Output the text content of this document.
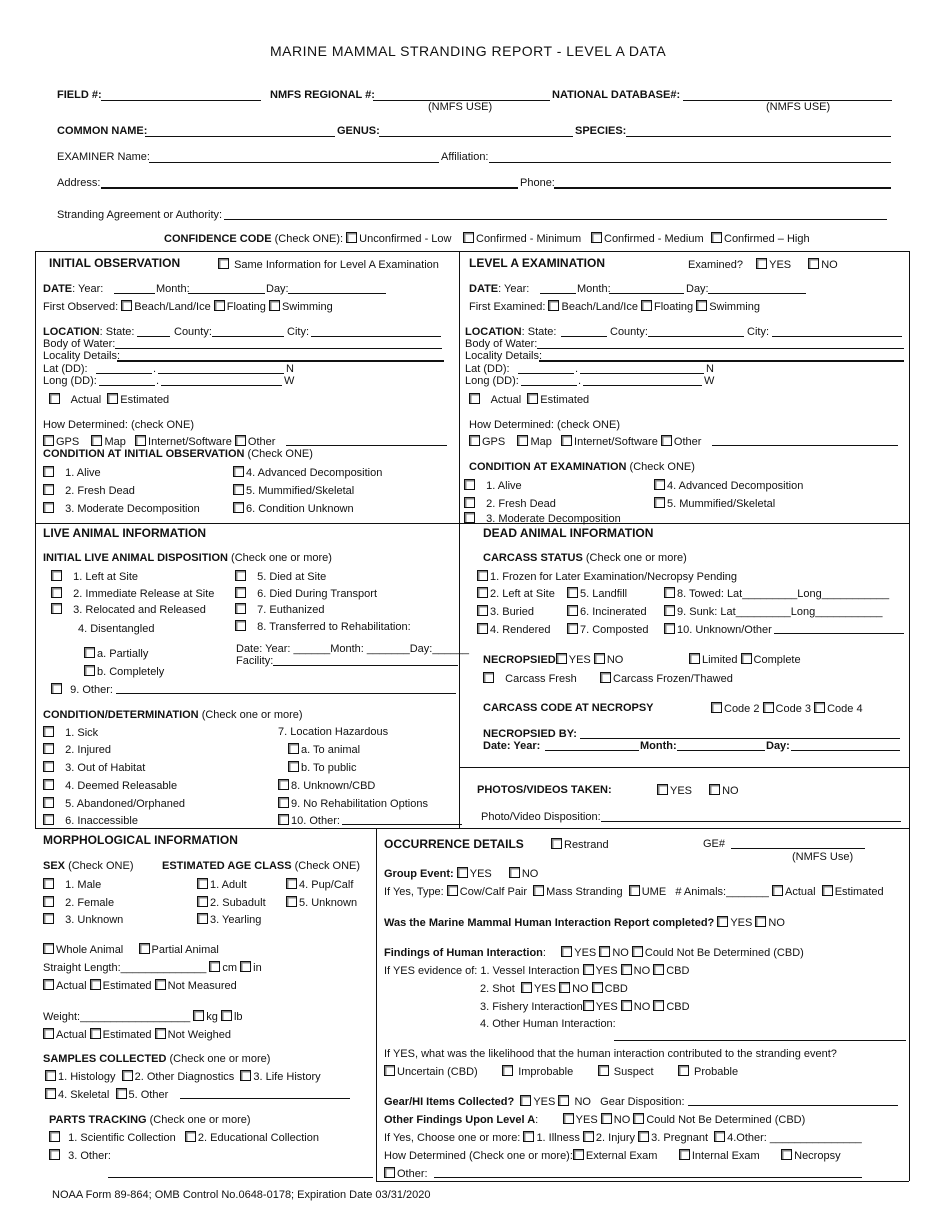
MARINE MAMMAL STRANDING REPORT - LEVEL A DATA
FIELD #:	NMFS REGIONAL #:
(NMFS USE)
NATIONAL DATABASE#:
(NMFS USE)
COMMON NAME:	GENUS:	SPECIES:
EXAMINER Name:	Affiliation:
Address:	Phone:
Stranding Agreement or Authority:
CONFIDENCE CODE (Check ONE): Unconfirmed - Low	Confirmed - Minimum	Confirmed - Medium	Confirmed – High
INITIAL OBSERVATION	Same Information for Level A Examination
DATE: Year:	Month:	Day:
First Observed: Beach/Land/Ice Floating Swimming
LOCATION: State:	County:	City:
Body of Water:
Locality Details:
Lat (DD):	.	N
Long (DD):	.	W
Actual Estimated
How Determined: (check ONE)
GPS Map Internet/Software Other
CONDITION AT INITIAL OBSERVATION (Check ONE)
1. Alive
2. Fresh Dead
3. Moderate Decomposition
4. Advanced Decomposition
5. Mummified/Skeletal
6. Condition Unknown
LEVEL A EXAMINATION	Examined? YES	NO
DATE: Year:	Month:	Day:
First Examined: Beach/Land/Ice Floating Swimming
LOCATION: State:	County:	City:
Body of Water:
Locality Details:
Lat (DD):	.	N
Long (DD):	.	W
Actual Estimated
How Determined: (check ONE)
GPS Map Internet/Software Other
CONDITION AT EXAMINATION (Check ONE)
1. Alive
2. Fresh Dead
3. Moderate Decomposition
4. Advanced Decomposition
5. Mummified/Skeletal
LIVE ANIMAL INFORMATION
INITIAL LIVE ANIMAL DISPOSITION (Check one or more)
1. Left at Site
2. Immediate Release at Site
3. Relocated and Released
4. Disentangled
a. Partially
b. Completely
9. Other:
5. Died at Site
6. Died During Transport
7. Euthanized
8. Transferred to Rehabilitation:
Date: Year: ______Month: _______Day:______
Facility:
CONDITION/DETERMINATION (Check one or more)
1. Sick
2. Injured
3. Out of Habitat
4. Deemed Releasable
5. Abandoned/Orphaned
6. Inaccessible
7. Location Hazardous
a. To animal
b. To public
8. Unknown/CBD
9. No Rehabilitation Options
10. Other:
DEAD ANIMAL INFORMATION
CARCASS STATUS (Check one or more)
1. Frozen for Later Examination/Necropsy Pending
2. Left at Site
3. Buried
4. Rendered
5. Landfill
6. Incinerated
7. Composted
8. Towed: Lat_________Long___________
9. Sunk: Lat_________Long___________
10. Unknown/Other
NECROPSIED YES NO	Limited Complete
Carcass Fresh	Carcass Frozen/Thawed
CARCASS CODE AT NECROPSY	Code 2 Code 3 Code 4
NECROPSIED BY:
Date: Year:	Month:	Day:
PHOTOS/VIDEOS TAKEN:	YES	NO
Photo/Video Disposition:
MORPHOLOGICAL INFORMATION
SEX (Check ONE)	ESTIMATED AGE CLASS (Check ONE)
1. Male
2. Female
3. Unknown
1. Adult
2. Subadult
3. Yearling
4. Pup/Calf
5. Unknown
Whole Animal	Partial Animal
Straight Length:______________ cm in
Actual Estimated Not Measured
Weight:__________________ kg lb
Actual Estimated Not Weighed
SAMPLES COLLECTED (Check one or more)
1. Histology 2. Other Diagnostics 3. Life History
4. Skeletal 5. Other
PARTS TRACKING (Check one or more)
1. Scientific Collection 2. Educational Collection
3. Other:
OCCURRENCE DETAILS	Restrand	GE#
(NMFS Use)
Group Event: YES	NO
If Yes, Type: Cow/Calf Pair Mass Stranding UME # Animals:_______ Actual Estimated
Was the Marine Mammal Human Interaction Report completed? YES NO
Findings of Human Interaction:	YES NO Could Not Be Determined (CBD)
If YES evidence of: 1. Vessel Interaction YES NO CBD
2. Shot YES NO CBD
3. Fishery Interaction YES NO CBD
4. Other Human Interaction:
If YES, what was the likelihood that the human interaction contributed to the stranding event?
Uncertain (CBD)	Improbable	Suspect	Probable
Gear/HI Items Collected? YES NO Gear Disposition:
Other Findings Upon Level A:	YES NO Could Not Be Determined (CBD)
If Yes, Choose one or more: 1. Illness 2. Injury 3. Pregnant 4.Other: _______________
How Determined (Check one or more): External Exam	Internal Exam	Necropsy
Other:
NOAA Form 89-864; OMB Control No.0648-0178; Expiration Date 03/31/2020
